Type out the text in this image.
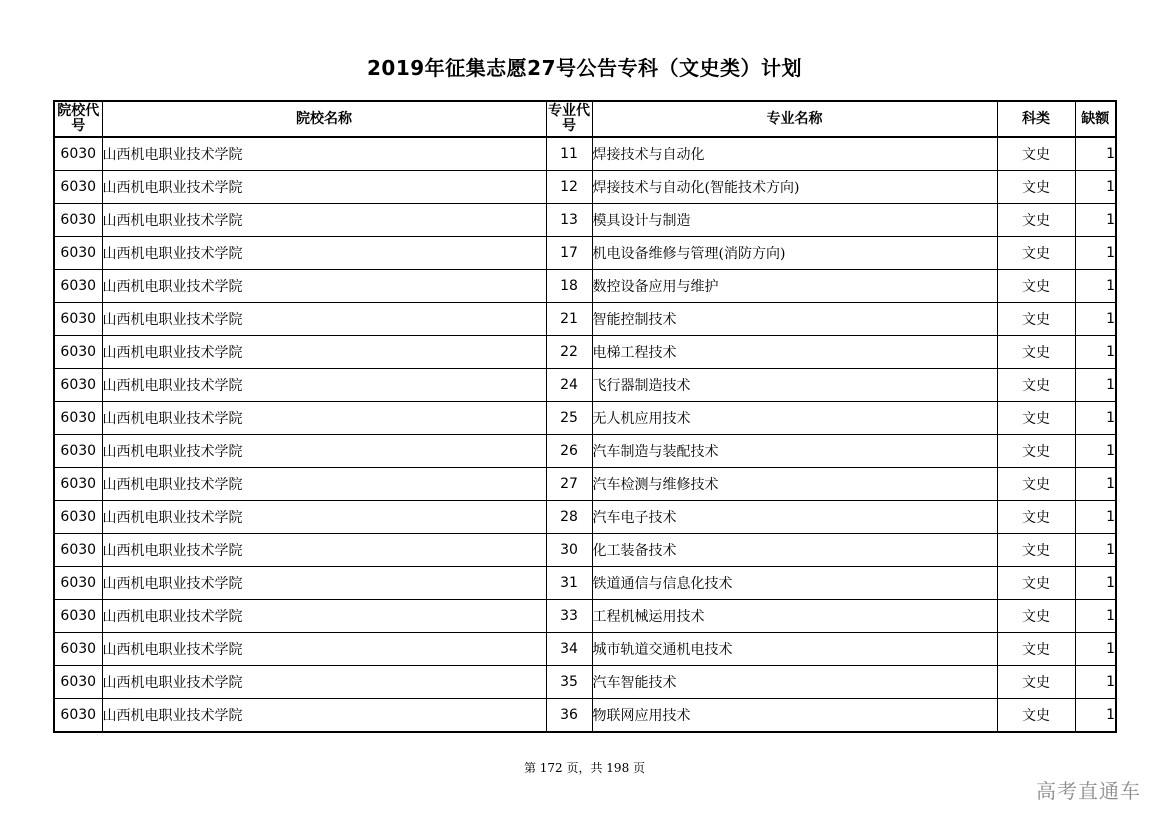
2019年征集志愿27号公告专科（文史类）计划
院校代号	院校名称	专业代号	专业名称	科类	缺额
6030	山西机电职业技术学院	11	焊接技术与自动化	文史	1
6030	山西机电职业技术学院	12	焊接技术与自动化(智能技术方向)	文史	1
6030	山西机电职业技术学院	13	模具设计与制造	文史	1
6030	山西机电职业技术学院	17	机电设备维修与管理(消防方向)	文史	1
6030	山西机电职业技术学院	18	数控设备应用与维护	文史	1
6030	山西机电职业技术学院	21	智能控制技术	文史	1
6030	山西机电职业技术学院	22	电梯工程技术	文史	1
6030	山西机电职业技术学院	24	飞行器制造技术	文史	1
6030	山西机电职业技术学院	25	无人机应用技术	文史	1
6030	山西机电职业技术学院	26	汽车制造与装配技术	文史	1
6030	山西机电职业技术学院	27	汽车检测与维修技术	文史	1
6030	山西机电职业技术学院	28	汽车电子技术	文史	1
6030	山西机电职业技术学院	30	化工装备技术	文史	1
6030	山西机电职业技术学院	31	铁道通信与信息化技术	文史	1
6030	山西机电职业技术学院	33	工程机械运用技术	文史	1
6030	山西机电职业技术学院	34	城市轨道交通机电技术	文史	1
6030	山西机电职业技术学院	35	汽车智能技术	文史	1
6030	山西机电职业技术学院	36	物联网应用技术	文史	1
第 172 页，共 198 页
高考直通车
